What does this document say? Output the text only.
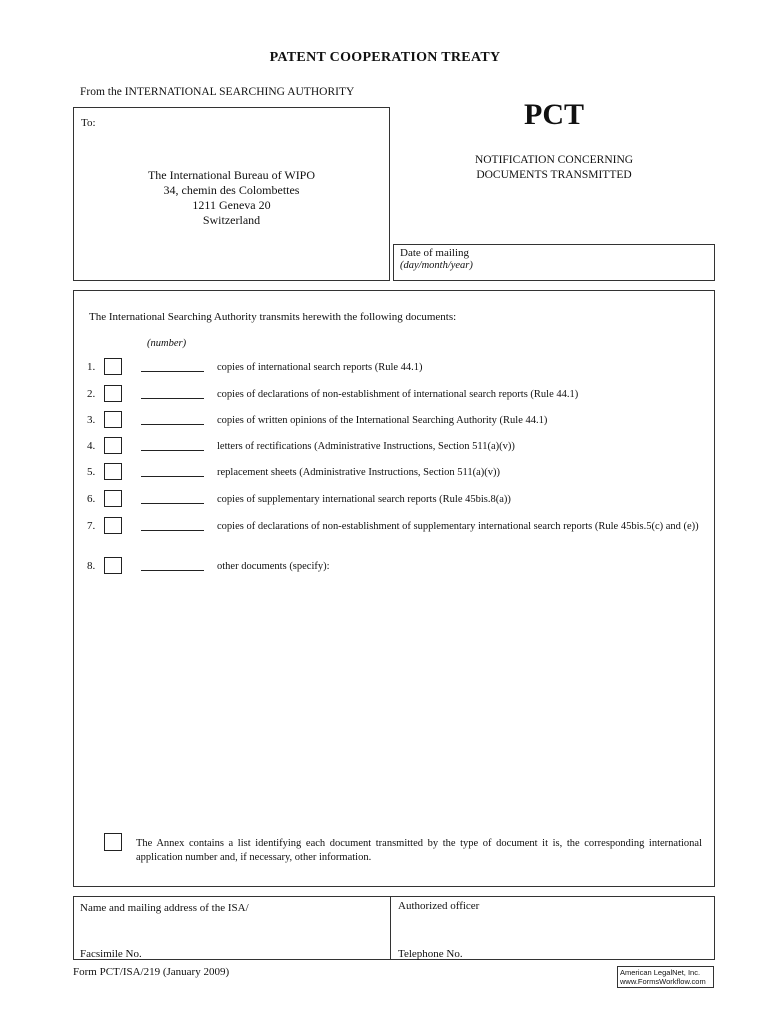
PATENT COOPERATION TREATY
From the INTERNATIONAL SEARCHING AUTHORITY
To:
The International Bureau of WIPO
34, chemin des Colombettes
1211 Geneva 20
Switzerland
PCT
NOTIFICATION CONCERNING
DOCUMENTS TRANSMITTED
Date of mailing
(day/month/year)
The International Searching Authority transmits herewith the following documents:
(number)
1.	copies of international search reports (Rule 44.1)
2.	copies of declarations of non-establishment of international search reports (Rule 44.1)
3.	copies of written opinions of the International Searching Authority (Rule 44.1)
4.	letters of rectifications (Administrative Instructions, Section 511(a)(v))
5.	replacement sheets (Administrative Instructions, Section 511(a)(v))
6.	copies of supplementary international search reports (Rule 45bis.8(a))
7.	copies of declarations of non-establishment of supplementary international search reports (Rule 45bis.5(c) and (e))
8.	other documents (specify):
The Annex contains a list identifying each document transmitted by the type of document it is, the corresponding international application number and, if necessary, other information.
Name and mailing address of the ISA/
Facsimile No.
Authorized officer
Telephone No.
Form PCT/ISA/219 (January 2009)	American LegalNet, Inc.
www.FormsWorkflow.com
